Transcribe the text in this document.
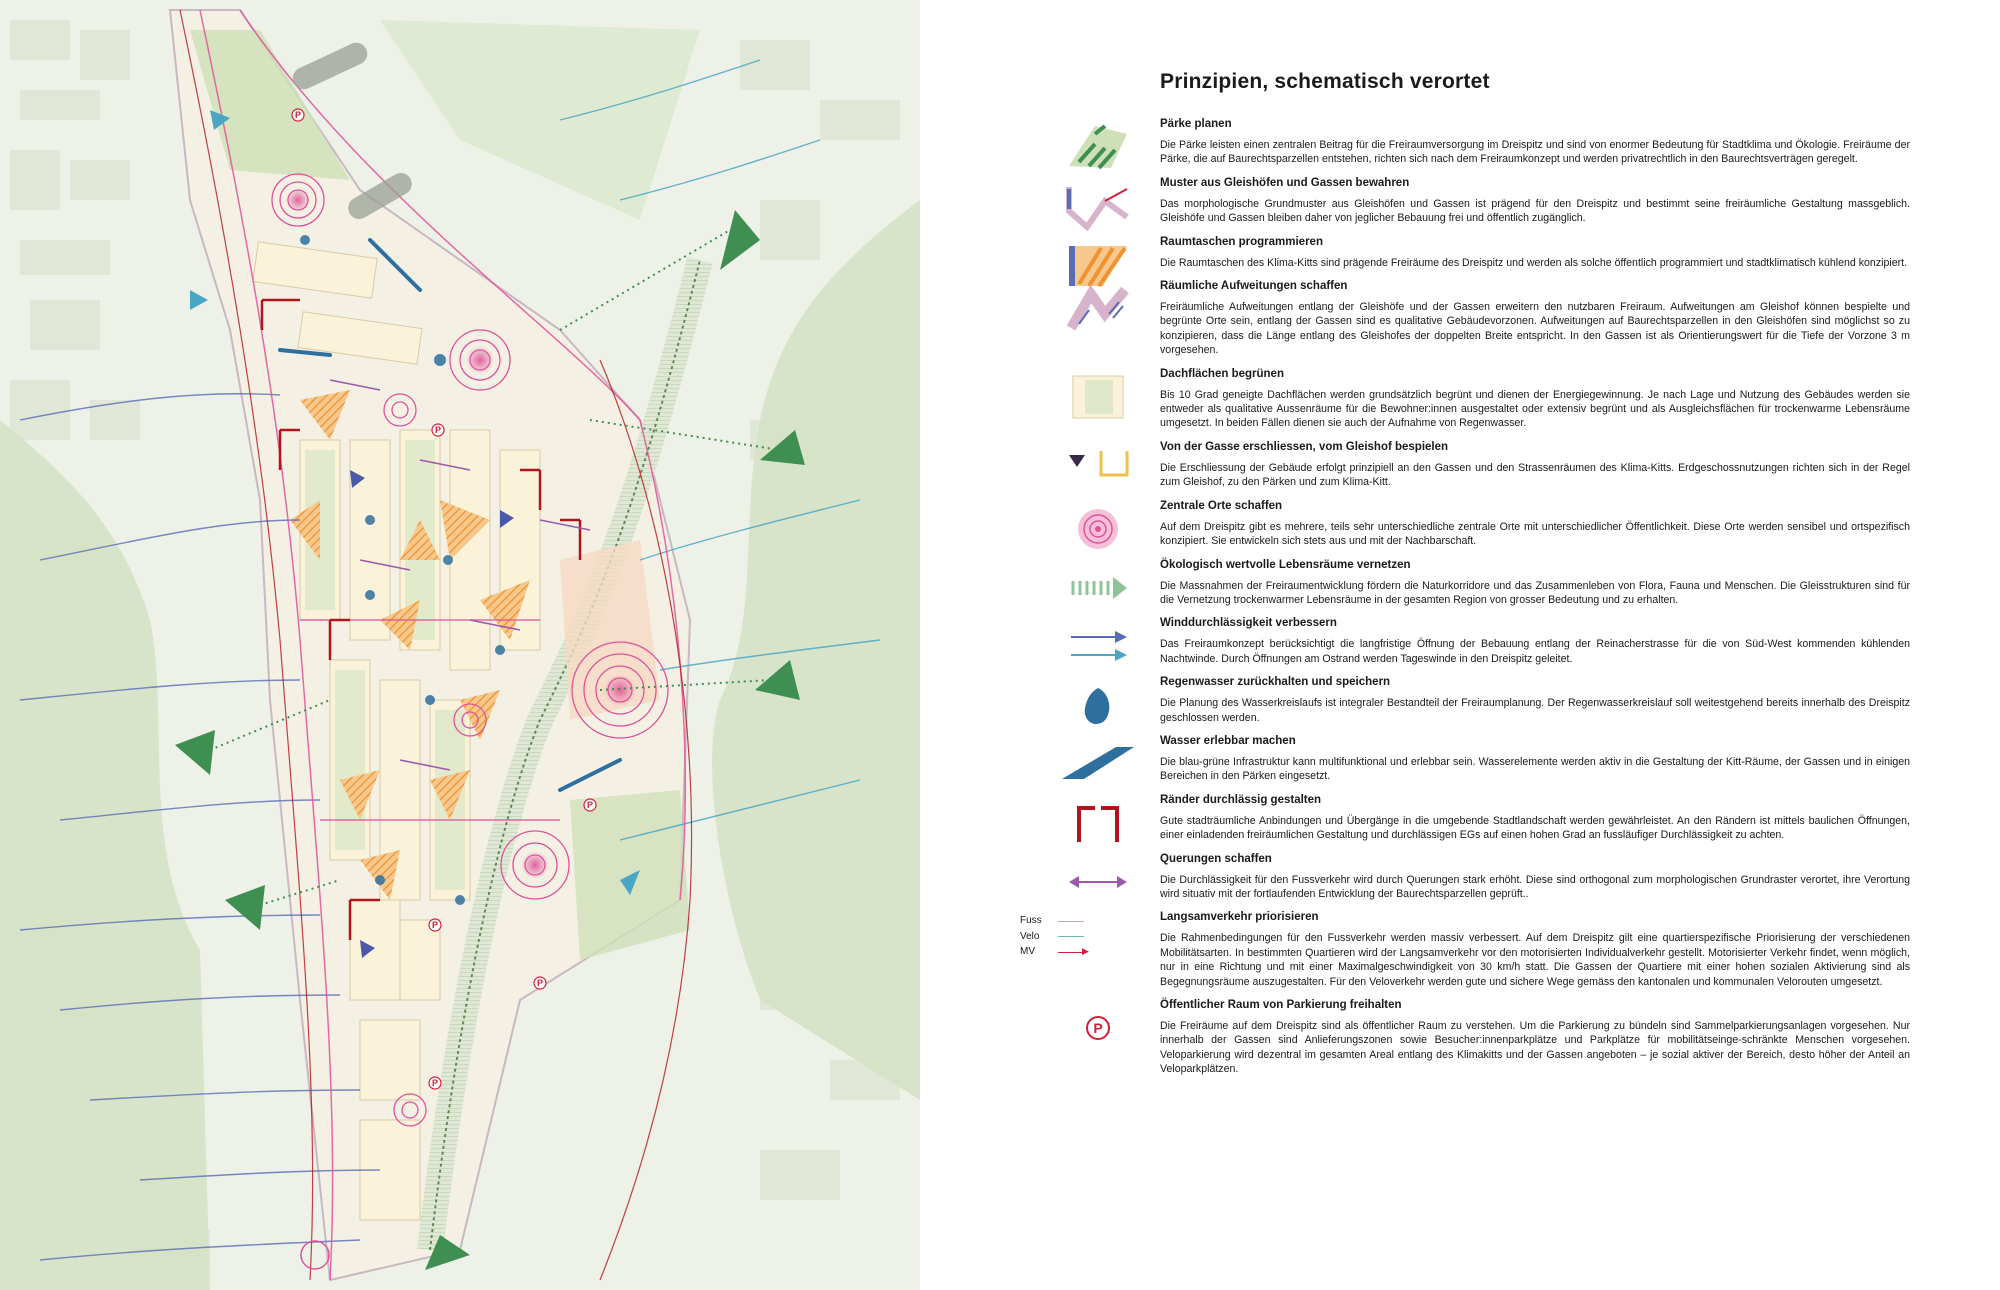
P
P
P
P
P
P
Prinzipien, schematisch verortet
Pärke planen

Die Pärke leisten einen zentralen Beitrag für die Freiraumversorgung im Dreispitz und sind von enormer Bedeutung für Stadtklima und Ökologie. Freiräume der Pärke, die auf Baurechtsparzellen entstehen, richten sich nach dem Freiraumkonzept und werden privatrechtlich in den Baurechtsverträgen geregelt.

Muster aus Gleishöfen und Gassen bewahren

Das morphologische Grundmuster aus Gleishöfen und Gassen ist prägend für den Dreispitz und bestimmt seine freiräumliche Gestaltung massgeblich. Gleishöfe und Gassen bleiben daher von jeglicher Bebauung frei und öffentlich zugänglich.

Raumtaschen programmieren

Die Raumtaschen des Klima-Kitts sind prägende Freiräume des Dreispitz und werden als solche öffentlich programmiert und stadtklimatisch kühlend konzipiert.

Räumliche Aufweitungen schaffen

Freiräumliche Aufweitungen entlang der Gleishöfe und der Gassen erweitern den nutzbaren Freiraum. Aufweitungen am Gleishof können bespielte und begrünte Orte sein, entlang der Gassen sind es qualitative Gebäudevorzonen. Aufweitungen auf Baurechtsparzellen in den Gleishöfen sind möglichst so zu konzipieren, dass die Länge entlang des Gleishofes der doppelten Breite entspricht. In den Gassen ist als Orientierungswert für die Tiefe der Vorzone 3 m vorgesehen.

Dachflächen begrünen

Bis 10 Grad geneigte Dachflächen werden grundsätzlich begrünt und dienen der Energiegewinnung. Je nach Lage und Nutzung des Gebäudes werden sie entweder als qualitative Aussenräume für die Bewohner:innen ausgestaltet oder extensiv begrünt und als Ausgleichsflächen für trockenwarme Lebensräume umgesetzt. In beiden Fällen dienen sie auch der Aufnahme von Regenwasser.

Von der Gasse erschliessen, vom Gleishof bespielen

Die Erschliessung der Gebäude erfolgt prinzipiell an den Gassen und den Strassenräumen des Klima-Kitts. Erdgeschossnutzungen richten sich in der Regel zum Gleishof, zu den Pärken und zum Klima-Kitt.

Zentrale Orte schaffen

Auf dem Dreispitz gibt es mehrere, teils sehr unterschiedliche zentrale Orte mit unterschiedlicher Öffentlichkeit. Diese Orte werden sensibel und ortspezifisch konzipiert. Sie entwickeln sich stets aus und mit der Nachbarschaft.

Ökologisch wertvolle Lebensräume vernetzen

Die Massnahmen der Freiraumentwicklung fördern die Naturkorridore und das Zusammenleben von Flora, Fauna und Menschen. Die Gleisstrukturen sind für die Vernetzung trockenwarmer Lebensräume in der gesamten Region von grosser Bedeutung und zu erhalten.

Winddurchlässigkeit verbessern

Das Freiraumkonzept berücksichtigt die langfristige Öffnung der Bebauung entlang der Reinacherstrasse für die von Süd-West kommenden kühlenden Nachtwinde. Durch Öffnungen am Ostrand werden Tageswinde in den Dreispitz geleitet.

Regenwasser zurückhalten und speichern

Die Planung des Wasserkreislaufs ist integraler Bestandteil der Freiraumplanung. Der Regenwasserkreislauf soll weitestgehend bereits innerhalb des Dreispitz geschlossen werden.

Wasser erlebbar machen

Die blau-grüne Infrastruktur kann multifunktional und erlebbar sein. Wasserelemente werden aktiv in die Gestaltung der Kitt-Räume, der Gassen und in einigen Bereichen in den Pärken eingesetzt.

Ränder durchlässig gestalten

Gute stadträumliche Anbindungen und Übergänge in die umgebende Stadtlandschaft werden gewährleistet. An den Rändern ist mittels baulichen Öffnungen, einer einladenden freiräumlichen Gestaltung und durchlässigen EGs auf einen hohen Grad an fussläufiger Durchlässigkeit zu achten.

Querungen schaffen

Die Durchlässigkeit für den Fussverkehr wird durch Querungen stark erhöht. Diese sind orthogonal zum morphologischen Grundraster verortet, ihre Verortung wird situativ mit der fortlaufenden Entwicklung der Baurechtsparzellen geprüft..

Fuss
Velo
MV	▶
Langsamverkehr priorisieren

Die Rahmenbedingungen für den Fussverkehr werden massiv verbessert. Auf dem Dreispitz gilt eine quartierspezifische Priorisierung der verschiedenen Mobilitätsarten. In bestimmten Quartieren wird der Langsamverkehr vor den motorisierten Individualverkehr gestellt. Motorisierter Verkehr findet, wenn möglich, nur in eine Richtung und mit einer Maximalgeschwindigkeit von 30 km/h statt. Die Gassen der Quartiere mit einer hohen sozialen Aktivierung sind als Begegnungsräume auszugestalten. Für den Veloverkehr werden gute und sichere Wege gemäss den kantonalen und kommunalen Velorouten umgesetzt.

P
Öffentlicher Raum von Parkierung freihalten

Die Freiräume auf dem Dreispitz sind als öffentlicher Raum zu verstehen. Um die Parkierung zu bündeln sind Sammelparkierungsanlagen vorgesehen. Nur innerhalb der Gassen sind Anlieferungszonen sowie Besucher:innenparkplätze und Parkplätze für mobilitätseinge-schränkte Menschen vorgesehen. Veloparkierung wird dezentral im gesamten Areal entlang des Klimakitts und der Gassen angeboten – je sozial aktiver der Bereich, desto höher der Anteil an Veloparkplätzen.
